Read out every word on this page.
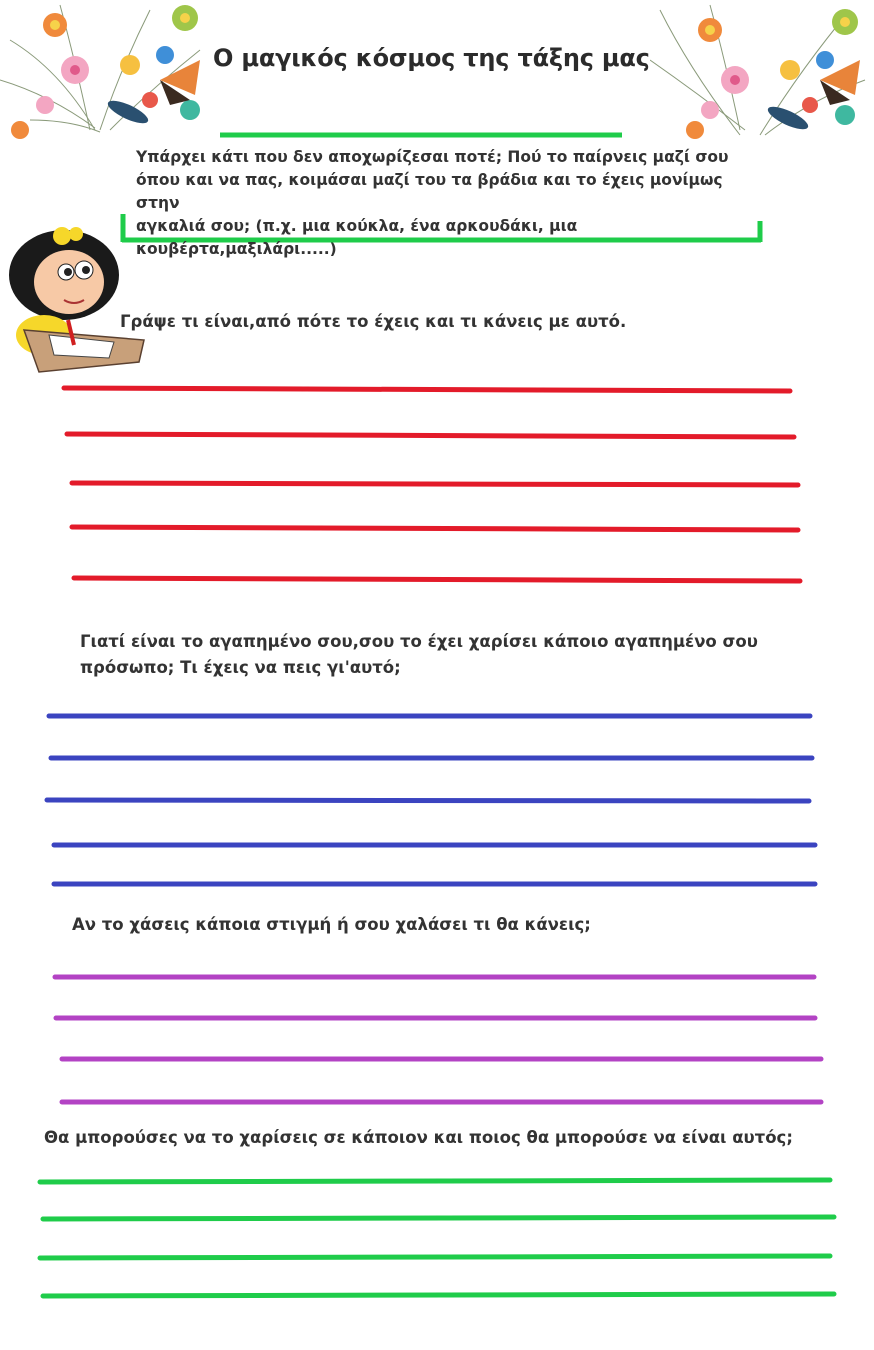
Ο μαγικός κόσμος της τάξης μας
Υπάρχει κάτι που δεν αποχωρίζεσαι ποτέ; Πού το παίρνεις μαζί σου
όπου και να πας, κοιμάσαι μαζί του τα βράδια και το έχεις μονίμως στην
αγκαλιά σου; (π.χ. μια κούκλα, ένα αρκουδάκι, μια
κουβέρτα,μαξιλάρι.....)
Γράψε τι είναι,από πότε το έχεις και τι κάνεις με αυτό.
Γιατί είναι το αγαπημένο σου,σου το έχει χαρίσει κάποιο αγαπημένο σου
πρόσωπο; Τι έχεις να πεις γι'αυτό;
Αν το χάσεις κάποια στιγμή ή σου χαλάσει τι θα κάνεις;
Θα μπορούσες να το χαρίσεις σε κάποιον και ποιος θα μπορούσε να είναι αυτός;
